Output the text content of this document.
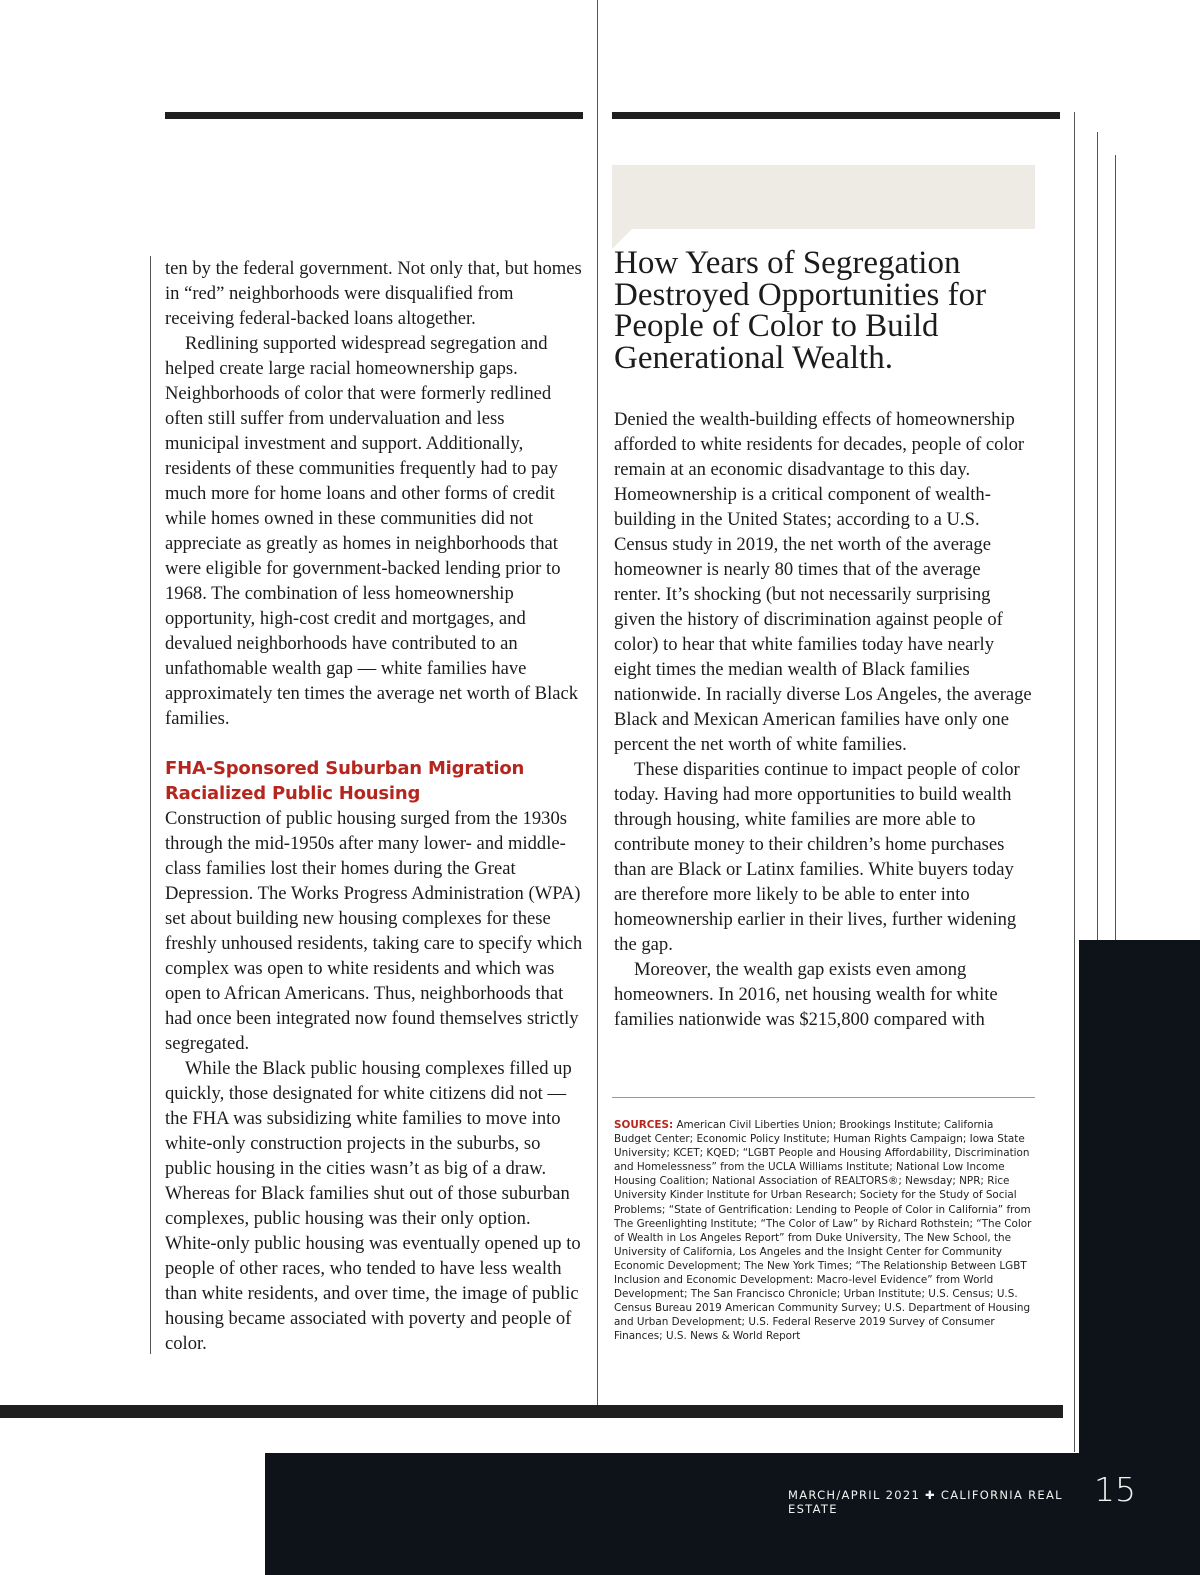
ten by the federal government. Not only that, but homes in “red” neighborhoods were disqualified from receiving federal-backed loans altogether.

Redlining supported widespread segregation and helped create large racial homeownership gaps. Neighborhoods of color that were formerly redlined often still suffer from undervaluation and less municipal investment and support. Additionally, residents of these communities frequently had to pay much more for home loans and other forms of credit while homes owned in these communities did not appreciate as greatly as homes in neighborhoods that were eligible for government-backed lending prior to 1968. The combination of less homeownership opportunity, high-cost credit and mortgages, and devalued neighborhoods have contributed to an unfathomable wealth gap — white families have approximately ten times the average net worth of Black families.

FHA-Sponsored Suburban Migration Racialized Public Housing

Construction of public housing surged from the 1930s through the mid-1950s after many lower- and middle-class families lost their homes during the Great Depression. The Works Progress Administration (WPA) set about building new housing complexes for these freshly unhoused residents, taking care to specify which complex was open to white residents and which was open to African Americans. Thus, neighborhoods that had once been integrated now found themselves strictly segregated.

While the Black public housing complexes filled up quickly, those designated for white citizens did not — the FHA was subsidizing white families to move into white-only construction projects in the suburbs, so public housing in the cities wasn’t as big of a draw. Whereas for Black families shut out of those suburban complexes, public housing was their only option. White-only public housing was eventually opened up to people of other races, who tended to have less wealth than white residents, and over time, the image of public housing became associated with poverty and people of color.

How Years of Segregation Destroyed Opportunities for People of Color to Build Generational Wealth.

Denied the wealth-building effects of homeownership afforded to white residents for decades, people of color remain at an economic disadvantage to this day. Homeownership is a critical component of wealth-building in the United States; according to a U.S. Census study in 2019, the net worth of the average homeowner is nearly 80 times that of the average renter. It’s shocking (but not necessarily surprising given the history of discrimination against people of color) to hear that white families today have nearly eight times the median wealth of Black families nationwide. In racially diverse Los Angeles, the average Black and Mexican American families have only one percent the net worth of white families.

These disparities continue to impact people of color today. Having had more opportunities to build wealth through housing, white families are more able to contribute money to their children’s home purchases than are Black or Latinx families. White buyers today are therefore more likely to be able to enter into homeownership earlier in their lives, further widening the gap.

Moreover, the wealth gap exists even among homeowners. In 2016, net housing wealth for white families nationwide was $215,800 compared with

SOURCES: American Civil Liberties Union; Brookings Institute; California Budget Center; Economic Policy Institute; Human Rights Campaign; Iowa State University; KCET; KQED; “LGBT People and Housing Affordability, Discrimination and Homelessness” from the UCLA Williams Institute; National Low Income Housing Coalition; National Association of REALTORS®; Newsday; NPR; Rice University Kinder Institute for Urban Research; Society for the Study of Social Problems; “State of Gentrification: Lending to People of Color in California” from The Greenlighting Institute; “The Color of Law” by Richard Rothstein; “The Color of Wealth in Los Angeles Report” from Duke University, The New School, the University of California, Los Angeles and the Insight Center for Community Economic Development; The New York Times; “The Relationship Between LGBT Inclusion and Economic Development: Macro-level Evidence” from World Development; The San Francisco Chronicle; Urban Institute; U.S. Census; U.S. Census Bureau 2019 American Community Survey; U.S. Department of Housing and Urban Development; U.S. Federal Reserve 2019 Survey of Consumer Finances; U.S. News & World Report
MARCH/APRIL 2021 ✚ CALIFORNIA REAL ESTATE	15
